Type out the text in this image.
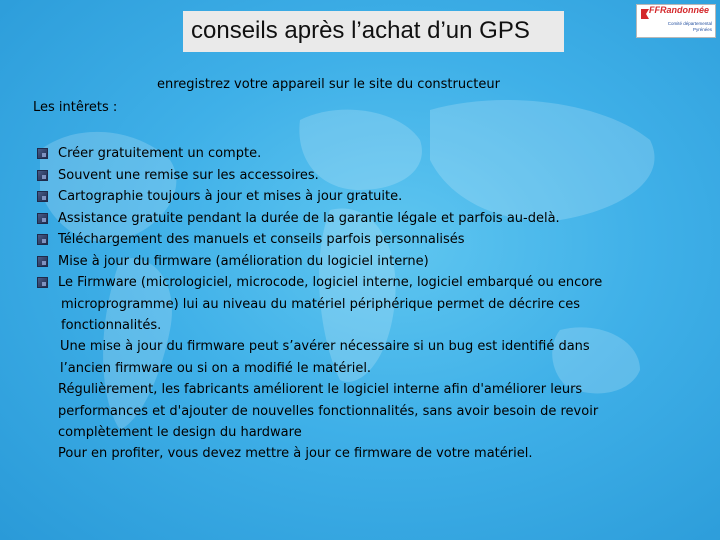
conseils après l’achat d’un GPS
FFRandonnée
Comité départemental
Pyrénées
enregistrez votre appareil sur le site du constructeur
Les intêrets :
Créer gratuitement un compte.
Souvent une remise sur les accessoires.
Cartographie toujours à jour et mises à jour gratuite.
Assistance gratuite pendant la durée de la garantie légale et parfois au-delà.
Téléchargement des manuels et conseils parfois personnalisés
Mise à jour du firmware (amélioration du logiciel interne)
Le Firmware (micrologiciel, microcode, logiciel interne, logiciel embarqué ou encore
microprogramme) lui au niveau du matériel périphérique permet de décrire ces
fonctionnalités.
Une mise à jour du firmware peut s’avérer nécessaire si un bug est identifié dans
l’ancien firmware ou si on a modifié le matériel.
Régulièrement, les fabricants améliorent le logiciel interne afin d'améliorer leurs
performances et d'ajouter de nouvelles fonctionnalités, sans avoir besoin de revoir
complètement le design du hardware
Pour en profiter, vous devez mettre à jour ce firmware de votre matériel.
